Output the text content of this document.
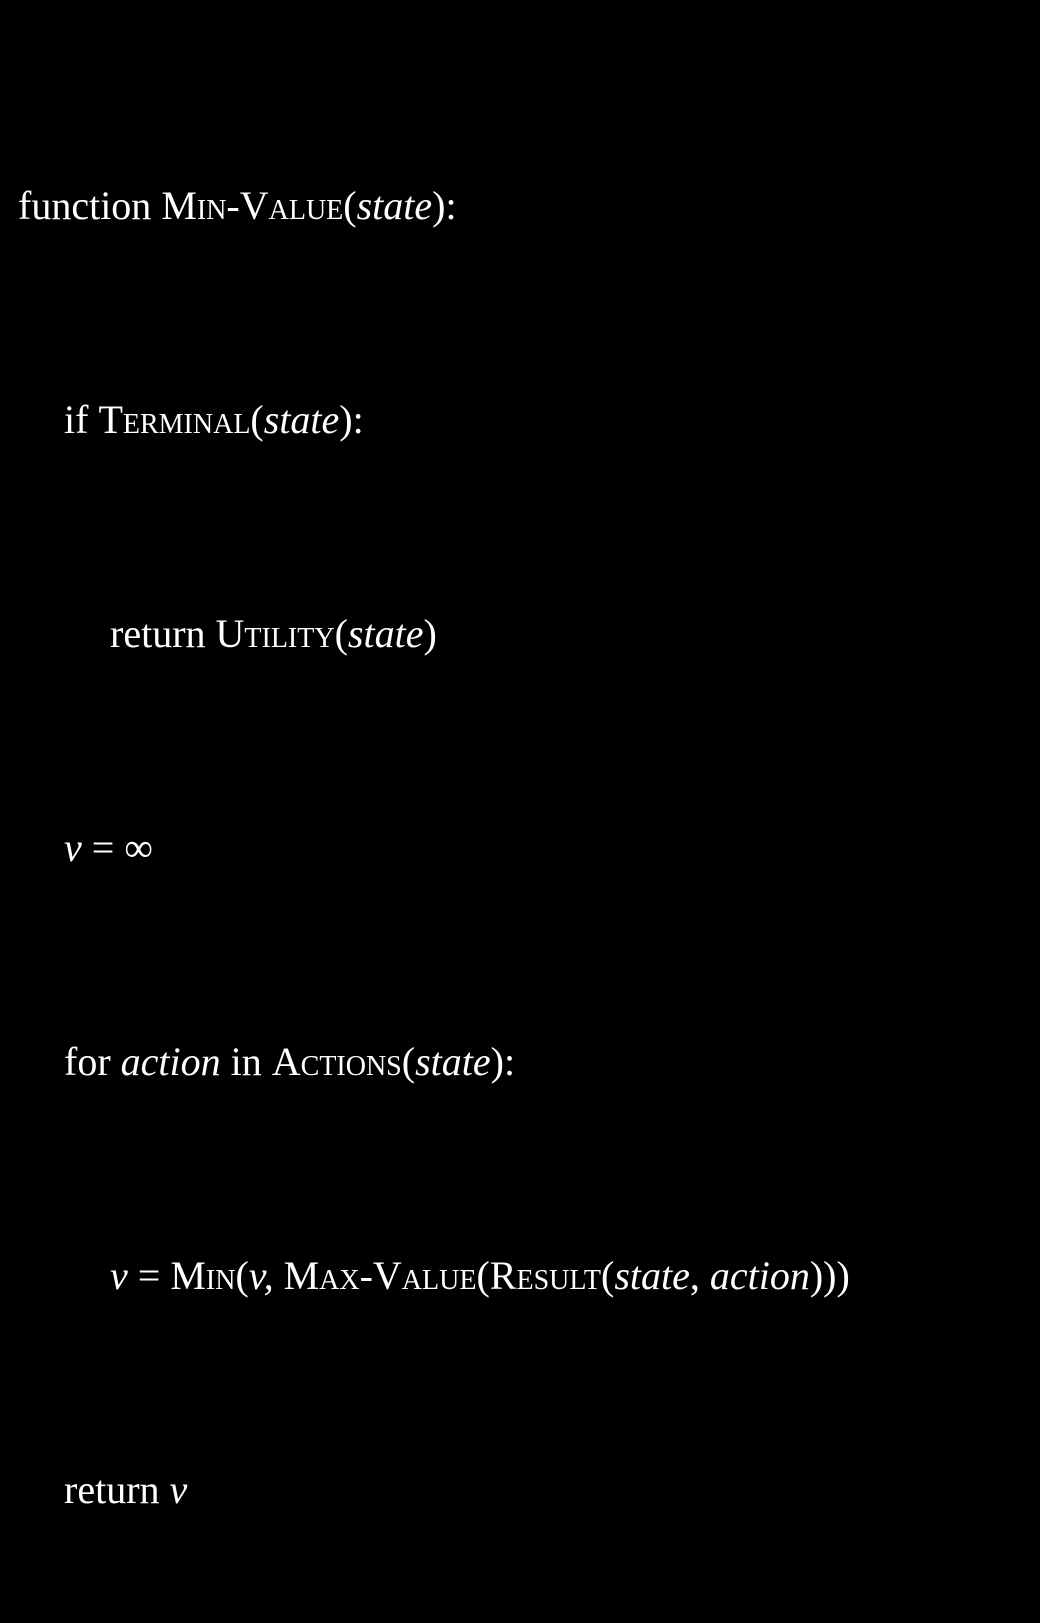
function Min-Value(state):

if Terminal(state):

return Utility(state)

v = ∞

for action in Actions(state):

v = Min(v, Max-Value(Result(state, action)))

return v
